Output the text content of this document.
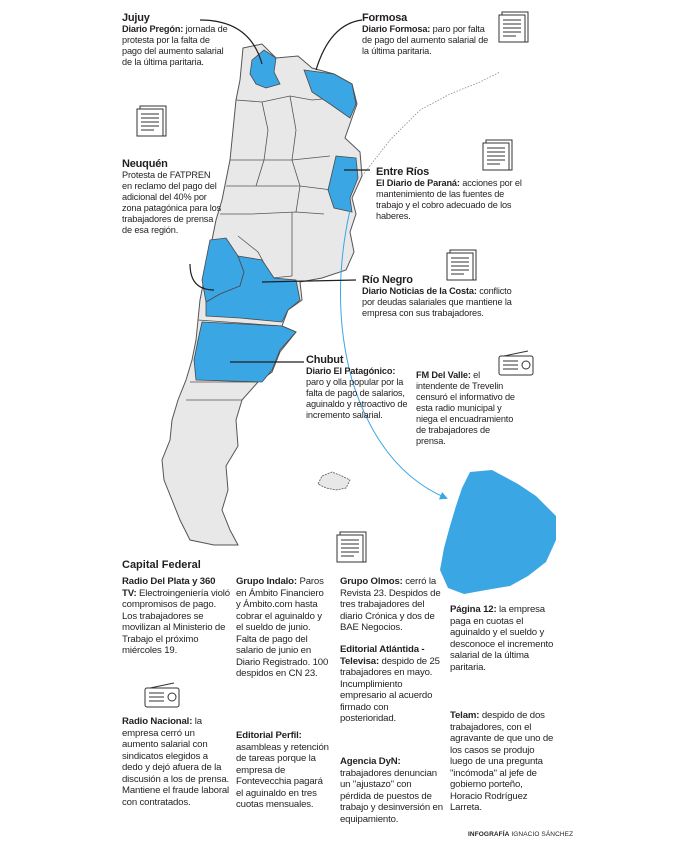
Jujuy
Diario Pregón: jornada de protesta por la falta de pago del aumento salarial de la última paritaria.
Formosa
Diario Formosa: paro por falta de pago del aumento salarial de la última paritaria.
Neuquén
Protesta de FATPREN en reclamo del pago del adicional del 40% por zona patagónica para los trabajadores de prensa de esa región.
Entre Ríos
El Diario de Paraná: acciones por el mantenimiento de las fuentes de trabajo y el cobro adecuado de los haberes.
Río Negro
Diario Noticias de la Costa: conflicto por deudas salariales que mantiene la empresa con sus trabajadores.
Chubut
Diario El Patagónico: paro y olla popular por la falta de pago de salarios, aguinaldo y retroactivo de incremento salarial.
FM Del Valle: el intendente de Trevelin censuró el informativo de esta radio municipal y niega el encuadramiento de trabajadores de prensa.
Capital Federal
Radio Del Plata y 360 TV: Electroingeniería violó compromisos de pago. Los trabajadores se movilizan al Ministerio de Trabajo el próximo miércoles 19.
Radio Nacional: la empresa cerró un aumento salarial con sindicatos elegidos a dedo y dejó afuera de la discusión a los de prensa. Mantiene el fraude laboral con contratados.
Grupo Indalo: Paros en Ámbito Financiero y Ámbito.com hasta cobrar el aguinaldo y el sueldo de junio. Falta de pago del salario de junio en Diario Registrado. 100 despidos en CN 23.
Editorial Perfil: asambleas y retención de tareas porque la empresa de Fontevecchia pagará el aguinaldo en tres cuotas mensuales.
Grupo Olmos: cerró la Revista 23. Despidos de tres trabajadores del diario Crónica y dos de BAE Negocios.
Editorial Atlántida - Televisa: despido de 25 trabajadores en mayo. Incumplimiento empresario al acuerdo firmado con posterioridad.
Agencia DyN: trabajadores denuncian un "ajustazo" con pérdida de puestos de trabajo y desinversión en equipamiento.
Página 12: la empresa paga en cuotas el aguinaldo y el sueldo y desconoce el incremento salarial de la última paritaria.
Telam: despido de dos trabajadores, con el agravante de que uno de los casos se produjo luego de una pregunta "incómoda" al jefe de gobierno porteño, Horacio Rodríguez Larreta.
INFOGRAFÍA IGNACIO SÁNCHEZ
